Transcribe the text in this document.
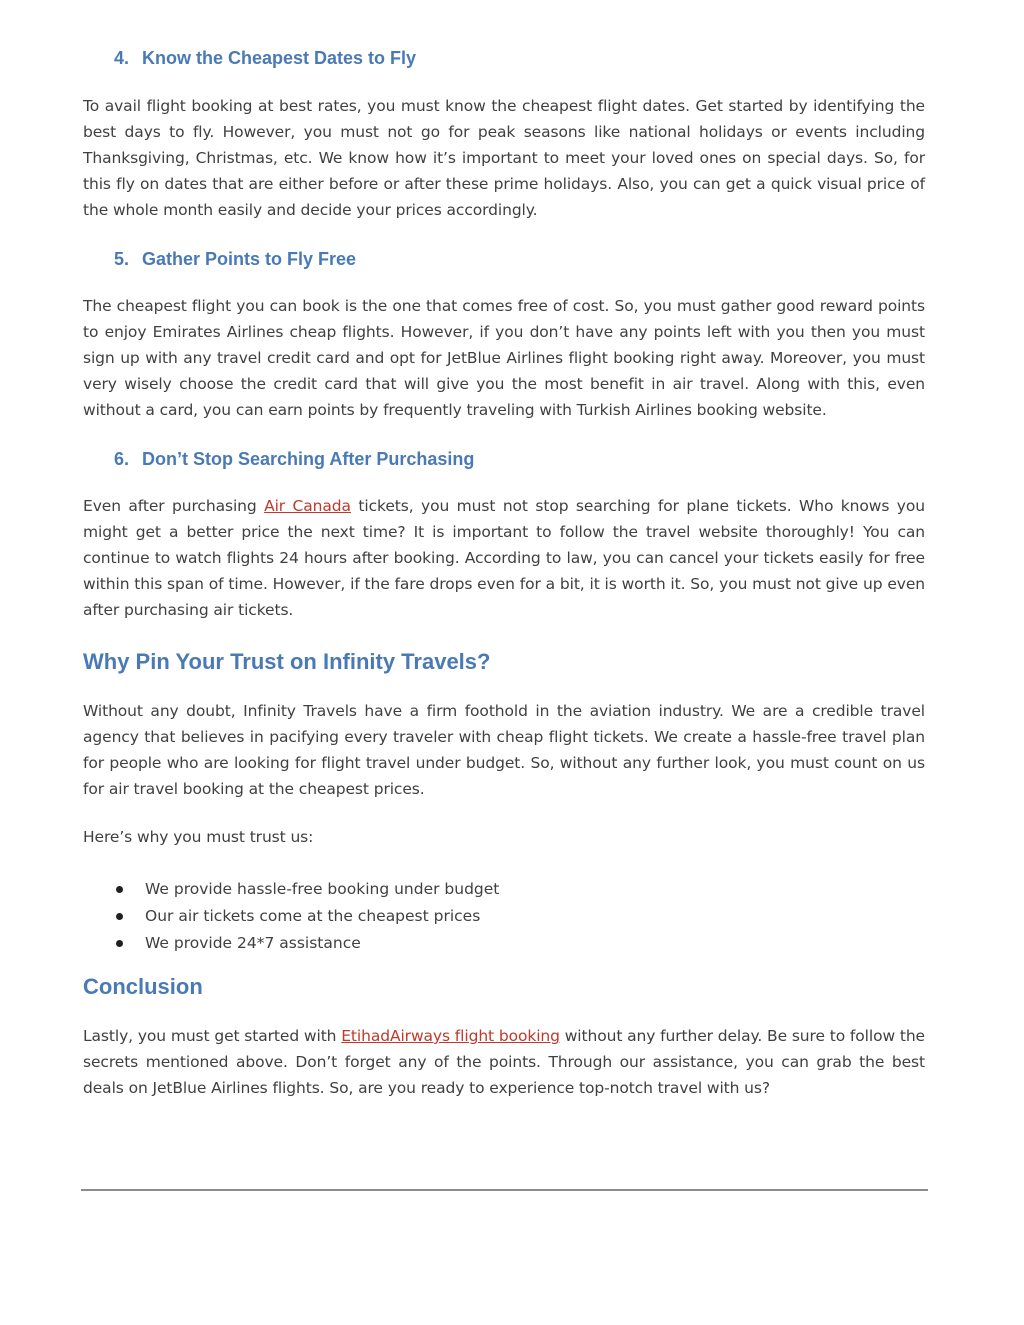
4. Know the Cheapest Dates to Fly

To avail flight booking at best rates, you must know the cheapest flight dates. Get started by identifying the best days to fly. However, you must not go for peak seasons like national holidays or events including Thanksgiving, Christmas, etc. We know how it’s important to meet your loved ones on special days. So, for this fly on dates that are either before or after these prime holidays. Also, you can get a quick visual price of the whole month easily and decide your prices accordingly.

5. Gather Points to Fly Free

The cheapest flight you can book is the one that comes free of cost. So, you must gather good reward points to enjoy Emirates Airlines cheap flights. However, if you don’t have any points left with you then you must sign up with any travel credit card and opt for JetBlue Airlines flight booking right away. Moreover, you must very wisely choose the credit card that will give you the most benefit in air travel. Along with this, even without a card, you can earn points by frequently traveling with Turkish Airlines booking website.

6. Don’t Stop Searching After Purchasing

Even after purchasing Air Canada tickets, you must not stop searching for plane tickets. Who knows you might get a better price the next time? It is important to follow the travel website thoroughly! You can continue to watch flights 24 hours after booking. According to law, you can cancel your tickets easily for free within this span of time. However, if the fare drops even for a bit, it is worth it. So, you must not give up even after purchasing air tickets.

Why Pin Your Trust on Infinity Travels?

Without any doubt, Infinity Travels have a firm foothold in the aviation industry. We are a credible travel agency that believes in pacifying every traveler with cheap flight tickets. We create a hassle-free travel plan for people who are looking for flight travel under budget. So, without any further look, you must count on us for air travel booking at the cheapest prices.

Here’s why you must trust us:

We provide hassle-free booking under budget
Our air tickets come at the cheapest prices
We provide 24*7 assistance
Conclusion

Lastly, you must get started with EtihadAirways flight booking without any further delay. Be sure to follow the secrets mentioned above. Don’t forget any of the points. Through our assistance, you can grab the best deals on JetBlue Airlines flights. So, are you ready to experience top-notch travel with us?
